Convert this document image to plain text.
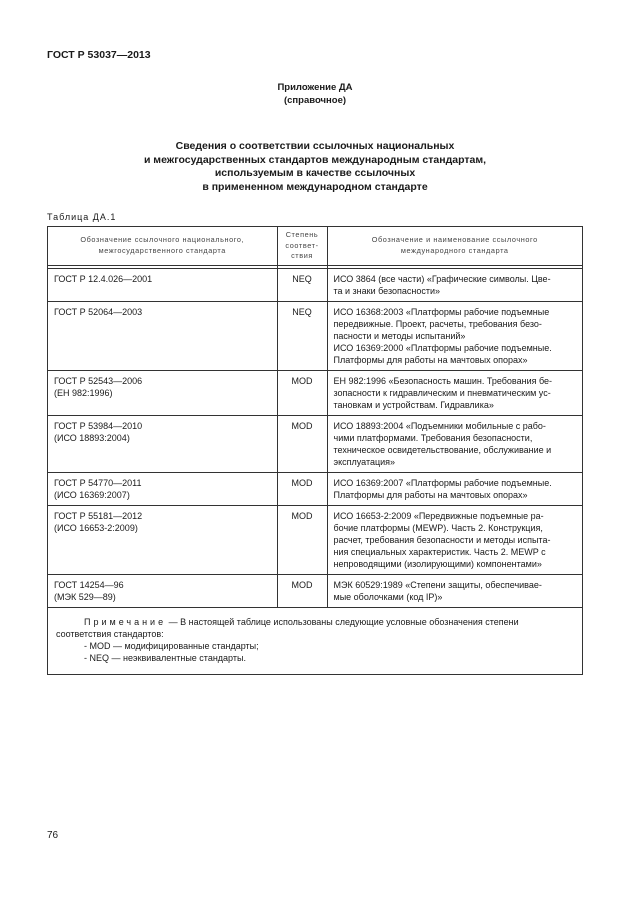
ГОСТ Р 53037—2013
Приложение ДА
(справочное)
Сведения о соответствии ссылочных национальных
и межгосударственных стандартов международным стандартам,
используемым в качестве ссылочных
в примененном международном стандарте
Таблица ДА.1
Обозначение ссылочного национального,
межгосударственного стандарта	Степень
соответ-
ствия	Обозначение и наименование ссылочного
международного стандарта

ГОСТ Р 12.4.026—2001	NEQ	ИСО 3864 (все части) «Графические символы. Цве-
та и знаки безопасности»

ГОСТ Р 52064—2003	NEQ	ИСО 16368:2003 «Платформы рабочие подъемные
передвижные. Проект, расчеты, требования безо-
пасности и методы испытаний»
ИСО 16369:2000 «Платформы рабочие подъемные.
Платформы для работы на мачтовых опорах»

ГОСТ Р 52543—2006
(ЕН 982:1996)	MOD	ЕН 982:1996 «Безопасность машин. Требования бе-
зопасности к гидравлическим и пневматическим ус-
тановкам и устройствам. Гидравлика»

ГОСТ Р 53984—2010
(ИСО 18893:2004)	MOD	ИСО 18893:2004 «Подъемники мобильные с рабо-
чими платформами. Требования безопасности,
техническое освидетельствование, обслуживание и
эксплуатация»

ГОСТ Р 54770—2011
(ИСО 16369:2007)	MOD	ИСО 16369:2007 «Платформы рабочие подъемные.
Платформы для работы на мачтовых опорах»

ГОСТ Р 55181—2012
(ИСО 16653-2:2009)	MOD	ИСО 16653-2:2009 «Передвижные подъемные ра-
бочие платформы (MEWP). Часть 2. Конструкция,
расчет, требования безопасности и методы испыта-
ния специальных характеристик. Часть 2. MEWP с
непроводящими (изолирующими) компонентами»

ГОСТ 14254—96
(МЭК 529—89)	MOD	МЭК 60529:1989 «Степени защиты, обеспечивае-
мые оболочками (код IP)»

Примечание — В настоящей таблице использованы следующие условные обозначения степени
соответствия стандартов:
- MOD — модифицированные стандарты;
- NEQ — неэквивалентные стандарты.		
76
